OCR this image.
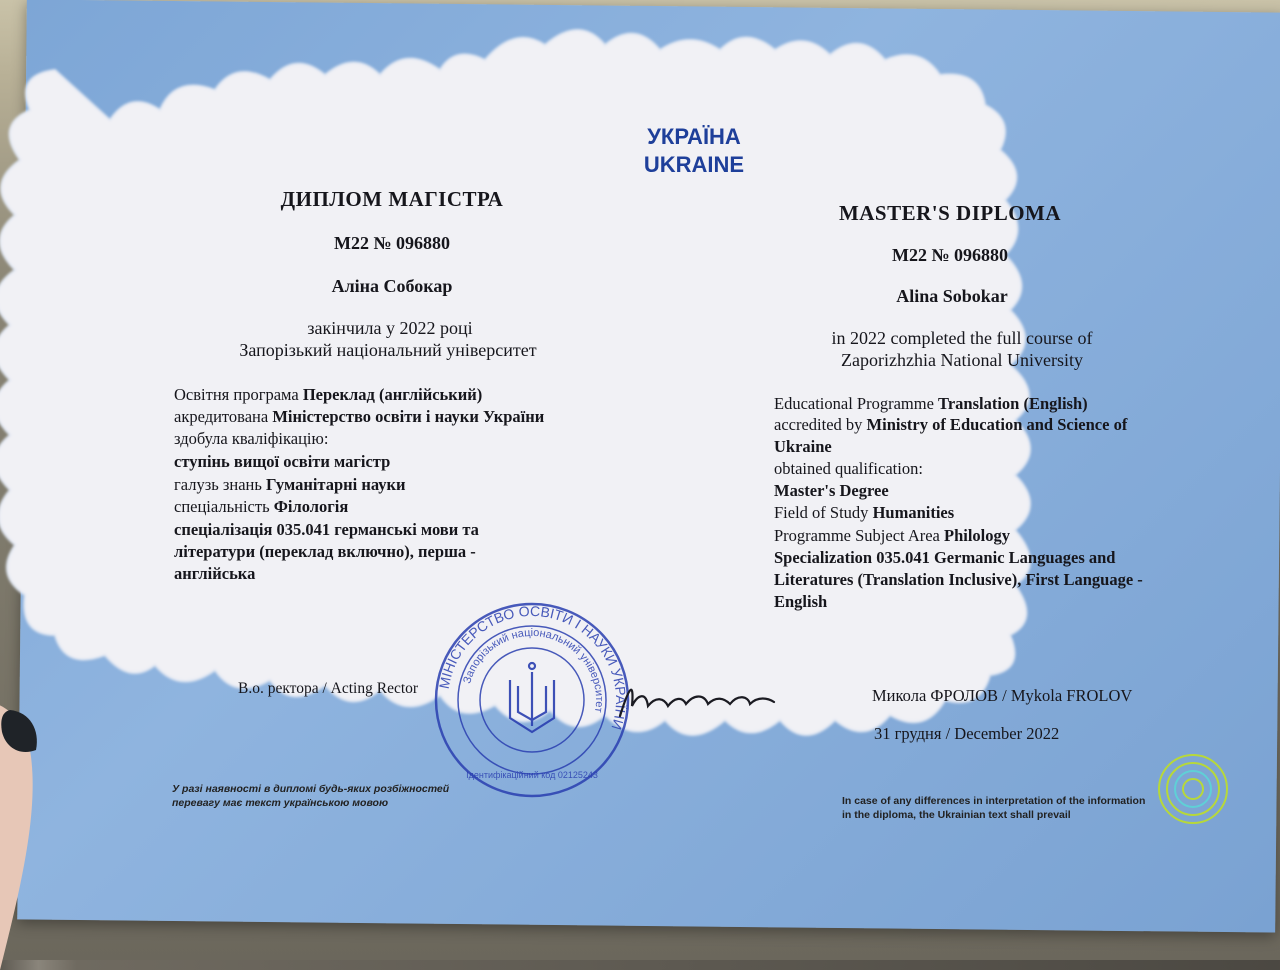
УКРАЇНА
UKRAINE
ДИПЛОМ МАГІСТРА
М22 № 096880
Аліна Собокар
закінчила у 2022 році
Запорізький національний університет
Освітня програма Переклад (англійський)
акредитована Міністерство освіти і науки України
здобула кваліфікацію:
ступінь вищої освіти магістр
галузь знань Гуманітарні науки
спеціальність Філологія
спеціалізація 035.041 германські мови та
літератури (переклад включно), перша -
англійська
В.о. ректора / Acting Rector
У разі наявності в дипломі будь-яких розбіжностей
перевагу має текст українською мовою
MASTER'S DIPLOMA
M22 № 096880
Alina Sobokar
in 2022 completed the full course of
Zaporizhzhia National University
Educational Programme Translation (English)
accredited by Ministry of Education and Science of
Ukraine
obtained qualification:
Master's Degree
Field of Study Humanities
Programme Subject Area Philology
Specialization 035.041 Germanic Languages and
Literatures (Translation Inclusive), First Language -
English
Микола ФРОЛОВ / Mykola FROLOV
31 грудня / December 2022
In case of any differences in interpretation of the information
in the diploma, the Ukrainian text shall prevail
МІНІСТЕРСТВО ОСВІТИ І НАУКИ УКРАЇНИ
Запорізький національний університет
Ідентифікаційний код 02125243
